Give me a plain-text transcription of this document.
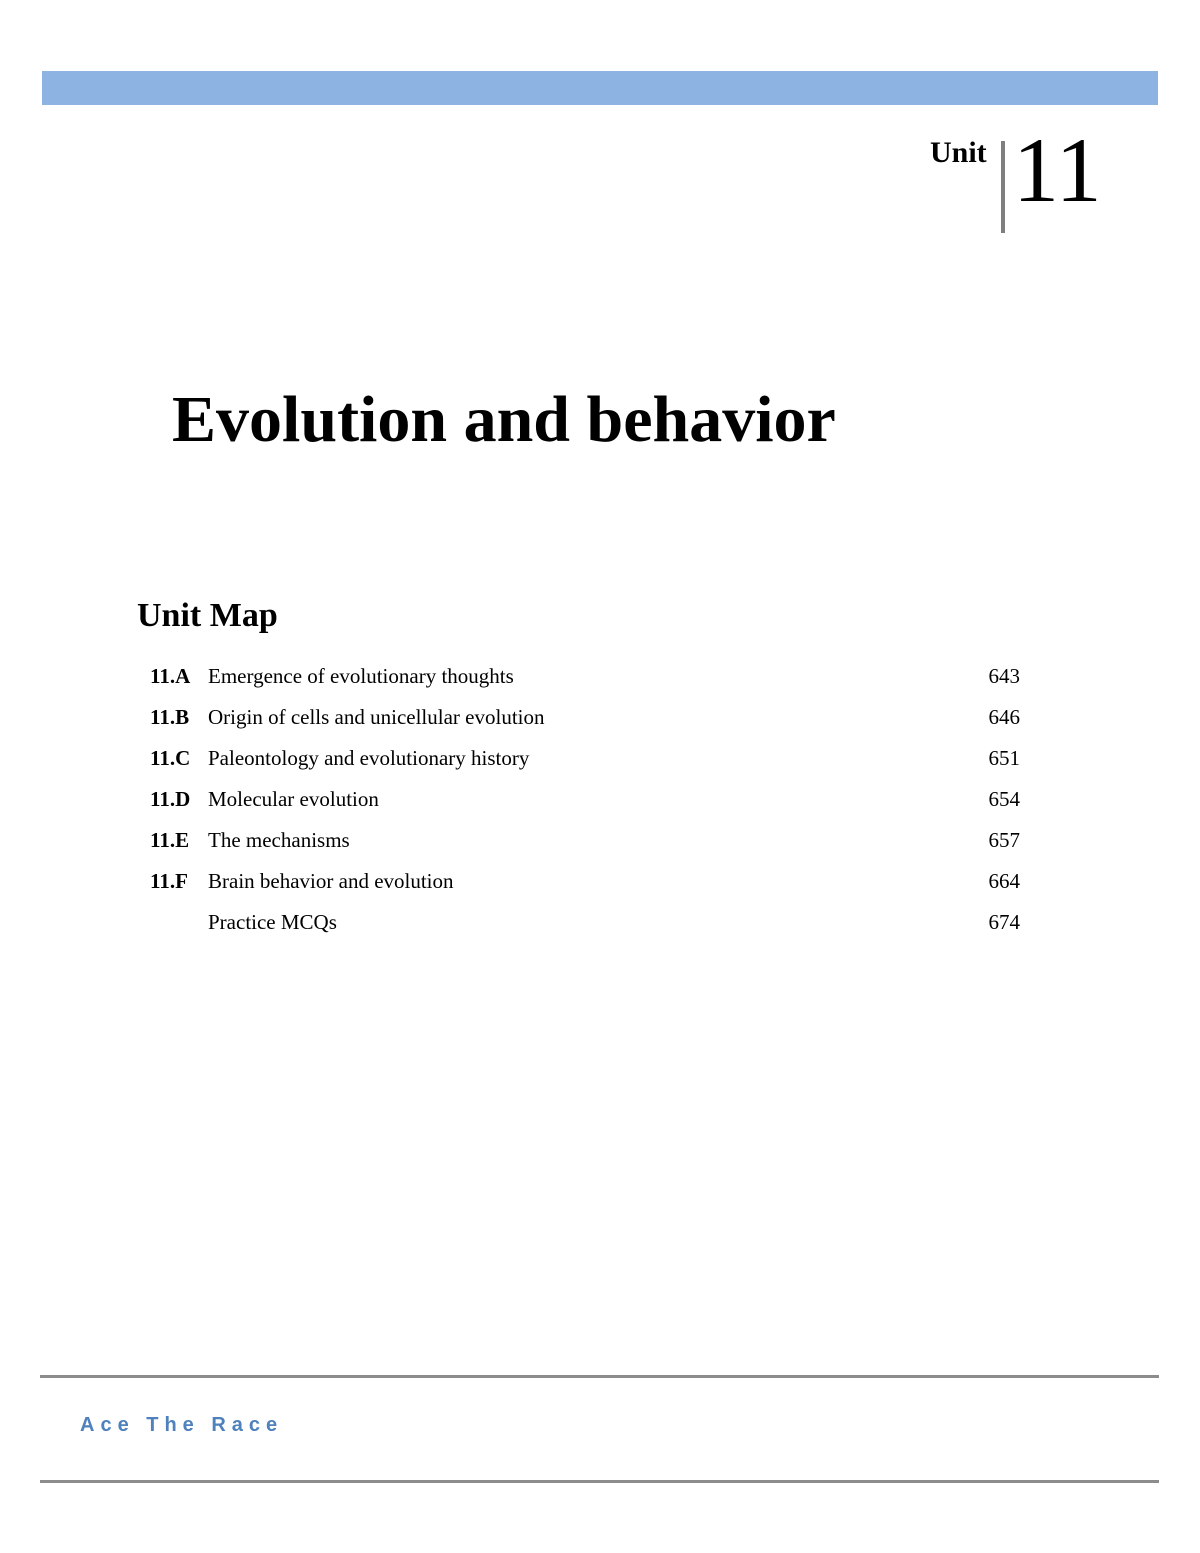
Unit 11
Evolution and behavior
Unit Map
11.A Emergence of evolutionary thoughts	643
11.B Origin of cells and unicellular evolution	646
11.C Paleontology and evolutionary history	651
11.D Molecular evolution	654
11.E The mechanisms	657
11.F Brain behavior and evolution	664
Practice MCQs	674
Ace The Race
